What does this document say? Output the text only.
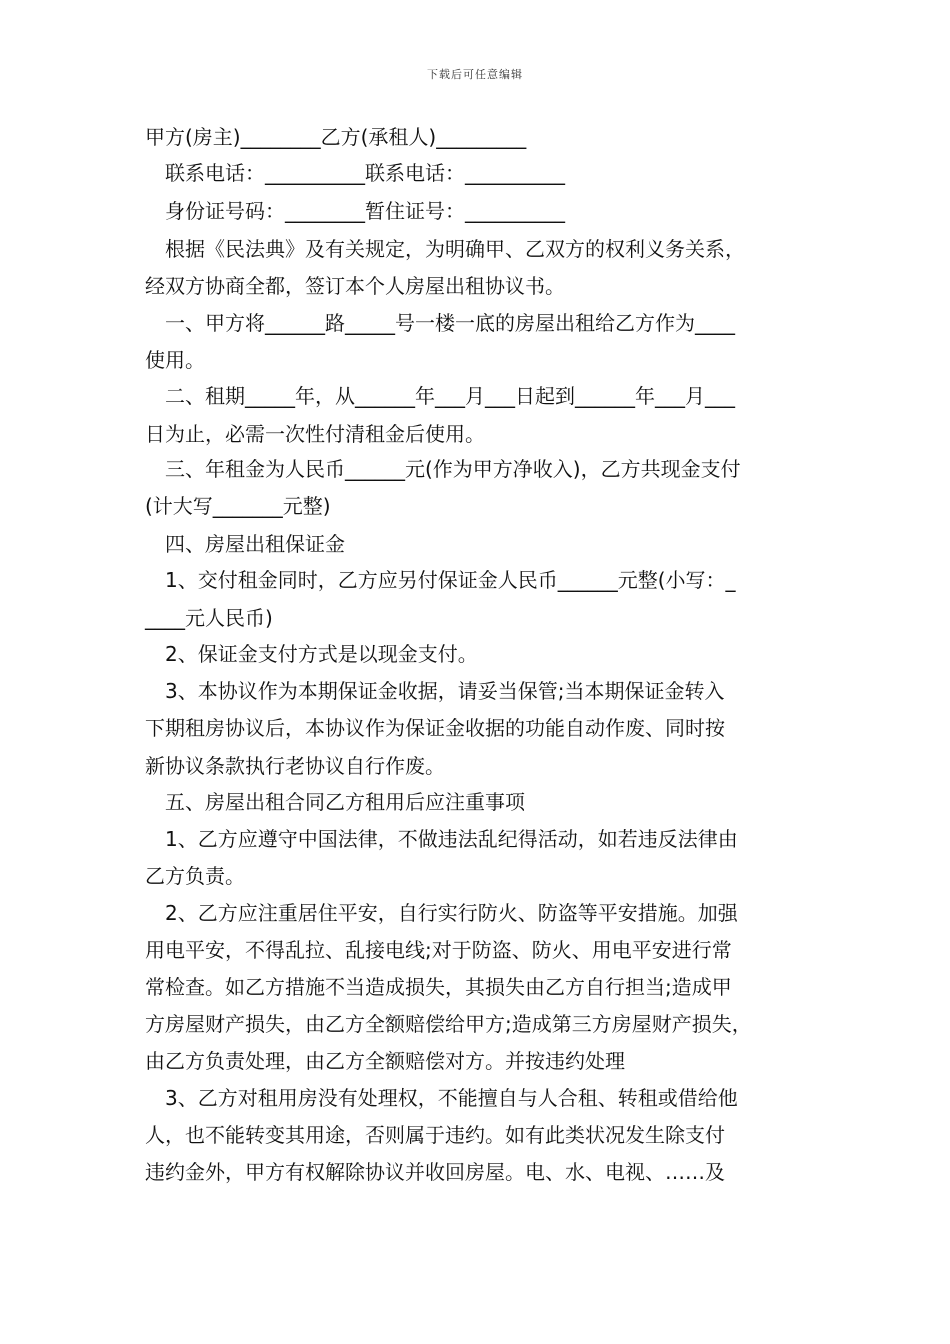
下载后可任意编辑
甲方(房主)________乙方(承租人)_________
联系电话：__________联系电话：__________
身份证号码：________暂住证号：__________
根据《民法典》及有关规定，为明确甲、乙双方的权利义务关系，
经双方协商全都，签订本个人房屋出租协议书。
一、甲方将______路_____号一楼一底的房屋出租给乙方作为____
使用。
二、租期_____年，从______年___月___日起到______年___月___
日为止，必需一次性付清租金后使用。
三、年租金为人民币______元(作为甲方净收入)，乙方共现金支付
(计大写_______元整)
四、房屋出租保证金
1、交付租金同时，乙方应另付保证金人民币______元整(小写：_
____元人民币)
2、保证金支付方式是以现金支付。
3、本协议作为本期保证金收据，请妥当保管;当本期保证金转入
下期租房协议后，本协议作为保证金收据的功能自动作废、同时按
新协议条款执行老协议自行作废。
五、房屋出租合同乙方租用后应注重事项
1、乙方应遵守中国法律，不做违法乱纪得活动，如若违反法律由
乙方负责。
2、乙方应注重居住平安，自行实行防火、防盗等平安措施。加强
用电平安，不得乱拉、乱接电线;对于防盗、防火、用电平安进行常
常检查。如乙方措施不当造成损失，其损失由乙方自行担当;造成甲
方房屋财产损失，由乙方全额赔偿给甲方;造成第三方房屋财产损失，
由乙方负责处理，由乙方全额赔偿对方。并按违约处理
3、乙方对租用房没有处理权，不能擅自与人合租、转租或借给他
人，也不能转变其用途，否则属于违约。如有此类状况发生除支付
违约金外，甲方有权解除协议并收回房屋。电、水、电视、……及
